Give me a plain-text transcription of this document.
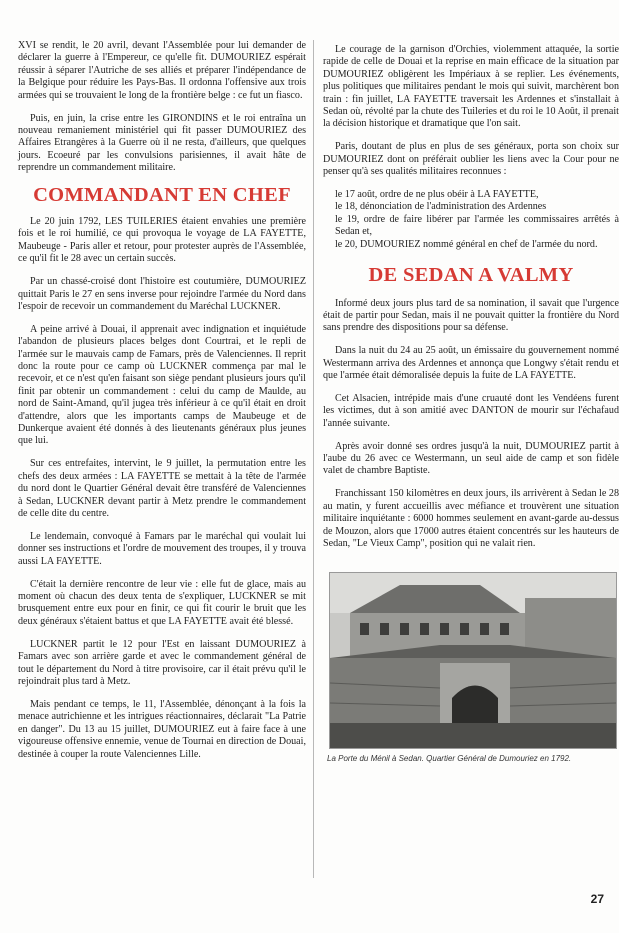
XVI se rendit, le 20 avril, devant l'Assemblée pour lui demander de déclarer la guerre à l'Empereur, ce qu'elle fit. DUMOURIEZ espérait réussir à séparer l'Autriche de ses alliés et préparer l'indépendance de la Belgique pour réduire les Pays-Bas. Il ordonna l'offensive aux trois armées qui se trouvaient le long de la frontière belge : ce fut un fiasco.

Puis, en juin, la crise entre les GIRONDINS et le roi entraîna un nouveau remaniement ministériel qui fit passer DUMOURIEZ des Affaires Etrangères à la Guerre où il ne resta, d'ailleurs, que quelques jours. Ecoeuré par les convulsions parisiennes, il avait hâte de reprendre un commandement militaire.

COMMANDANT EN CHEF

Le 20 juin 1792, LES TUILERIES étaient envahies une première fois et le roi humilié, ce qui provoqua le voyage de LA FAYETTE, Maubeuge - Paris aller et retour, pour protester auprès de l'Assemblée, ce qu'il fit le 28 avec un certain succès.

Par un chassé-croisé dont l'histoire est coutumière, DUMOURIEZ quittait Paris le 27 en sens inverse pour rejoindre l'armée du Nord dans l'espoir de recevoir un commandement du Maréchal LUCKNER.

A peine arrivé à Douai, il apprenait avec indignation et inquiétude l'abandon de plusieurs places belges dont Courtrai, et le repli de l'armée sur le mauvais camp de Famars, près de Valenciennes. Il reprit donc la route pour ce camp où LUCKNER commença par mal le recevoir, et ce n'est qu'en faisant son siège pendant plusieurs jours qu'il finit par obtenir un commandement : celui du camp de Maulde, au nord de Saint-Amand, qu'il jugea très inférieur à ce qu'il était en droit d'attendre, alors que les importants camps de Maubeuge et de Dunkerque avaient été donnés à des lieutenants généraux plus jeunes que lui.

Sur ces entrefaites, intervint, le 9 juillet, la permutation entre les chefs des deux armées : LA FAYETTE se mettait à la tête de l'armée du nord dont le Quartier Général devait être transféré de Valenciennes à Sedan, LUCKNER devant partir à Metz prendre le commandement de celle dite du centre.

Le lendemain, convoqué à Famars par le maréchal qui voulait lui donner ses instructions et l'ordre de mouvement des troupes, il y trouva aussi LA FAYETTE.

C'était la dernière rencontre de leur vie : elle fut de glace, mais au moment où chacun des deux tenta de s'expliquer, LUCKNER se mit brusquement entre eux pour en finir, ce qui fit courir le bruit que les deux généraux s'étaient battus et que LA FAYETTE avait été blessé.

LUCKNER partit le 12 pour l'Est en laissant DUMOURIEZ à Famars avec son arrière garde et avec le commandement général de tout le département du Nord à titre provisoire, car il était prévu qu'il le rejoindrait plus tard à Metz.

Mais pendant ce temps, le 11, l'Assemblée, dénonçant à la fois la menace autrichienne et les intrigues réactionnaires, déclarait "La Patrie en danger". Du 13 au 15 juillet, DUMOURIEZ eut à faire face à une vigoureuse offensive ennemie, venue de Tournai en direction de Douai, destinée à couper la route Valenciennes Lille.

Le courage de la garnison d'Orchies, violemment attaquée, la sortie rapide de celle de Douai et la reprise en main efficace de la situation par DUMOURIEZ obligèrent les Impériaux à se replier. Les événements, plus politiques que militaires pendant le mois qui suivit, marchèrent bon train : fin juillet, LA FAYETTE traversait les Ardennes et s'installait à Sedan où, révolté par la chute des Tuileries et du roi le 10 Août, il prenait la décision historique et dramatique que l'on sait.

Paris, doutant de plus en plus de ses généraux, porta son choix sur DUMOURIEZ dont on préférait oublier les liens avec la Cour pour ne penser qu'à ses qualités militaires reconnues :

le 17 août, ordre de ne plus obéir à LA FAYETTE,
le 18, dénonciation de l'administration des Ardennes
le 19, ordre de faire libérer par l'armée les commissaires arrêtés à Sedan et,
le 20, DUMOURIEZ nommé général en chef de l'armée du nord.
DE SEDAN A VALMY

Informé deux jours plus tard de sa nomination, il savait que l'urgence était de partir pour Sedan, mais il ne pouvait quitter la frontière du Nord sans prendre des dispositions pour sa défense.

Dans la nuit du 24 au 25 août, un émissaire du gouvernement nommé Westermann arriva des Ardennes et annonça que Longwy s'était rendu et que l'armée était démoralisée depuis la fuite de LA FAYETTE.

Cet Alsacien, intrépide mais d'une cruauté dont les Vendéens furent les victimes, dut à son amitié avec DANTON de mourir sur l'échafaud l'année suivante.

Après avoir donné ses ordres jusqu'à la nuit, DUMOURIEZ partit à l'aube du 26 avec ce Westermann, un seul aide de camp et son fidèle valet de chambre Baptiste.

Franchissant 150 kilomètres en deux jours, ils arrivèrent à Sedan le 28 au matin, y furent accueillis avec méfiance et trouvèrent une situation militaire inquiétante : 6000 hommes seulement en avant-garde au-dessus de Mouzon, alors que 17000 autres étaient concentrés sur les hauteurs de Sedan, "Le Vieux Camp", position qui ne valait rien.

La Porte du Ménil à Sedan. Quartier Général de Dumouriez en 1792.
27
